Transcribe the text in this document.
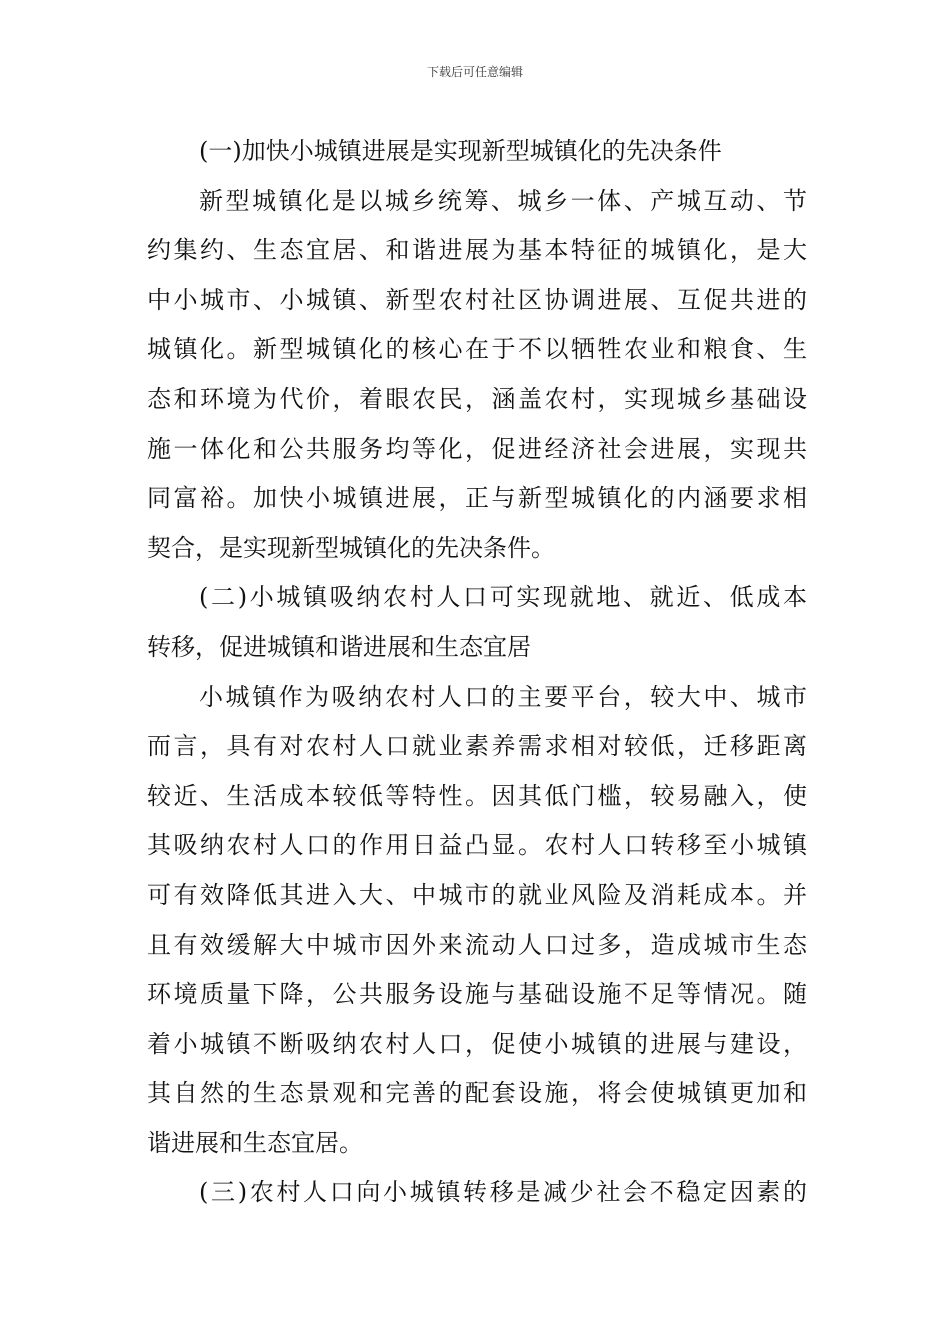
下载后可任意编辑
(一)加快小城镇进展是实现新型城镇化的先决条件
新型城镇化是以城乡统筹、城乡一体、产城互动、节
约集约、生态宜居、和谐进展为基本特征的城镇化，是大
中小城市、小城镇、新型农村社区协调进展、互促共进的
城镇化。新型城镇化的核心在于不以牺牲农业和粮食、生
态和环境为代价，着眼农民，涵盖农村，实现城乡基础设
施一体化和公共服务均等化，促进经济社会进展，实现共
同富裕。加快小城镇进展，正与新型城镇化的内涵要求相
契合，是实现新型城镇化的先决条件。
(二)小城镇吸纳农村人口可实现就地、就近、低成本
转移，促进城镇和谐进展和生态宜居
小城镇作为吸纳农村人口的主要平台，较大中、城市
而言，具有对农村人口就业素养需求相对较低，迁移距离
较近、生活成本较低等特性。因其低门槛，较易融入，使
其吸纳农村人口的作用日益凸显。农村人口转移至小城镇
可有效降低其进入大、中城市的就业风险及消耗成本。并
且有效缓解大中城市因外来流动人口过多，造成城市生态
环境质量下降，公共服务设施与基础设施不足等情况。随
着小城镇不断吸纳农村人口，促使小城镇的进展与建设，
其自然的生态景观和完善的配套设施，将会使城镇更加和
谐进展和生态宜居。
(三)农村人口向小城镇转移是减少社会不稳定因素的
